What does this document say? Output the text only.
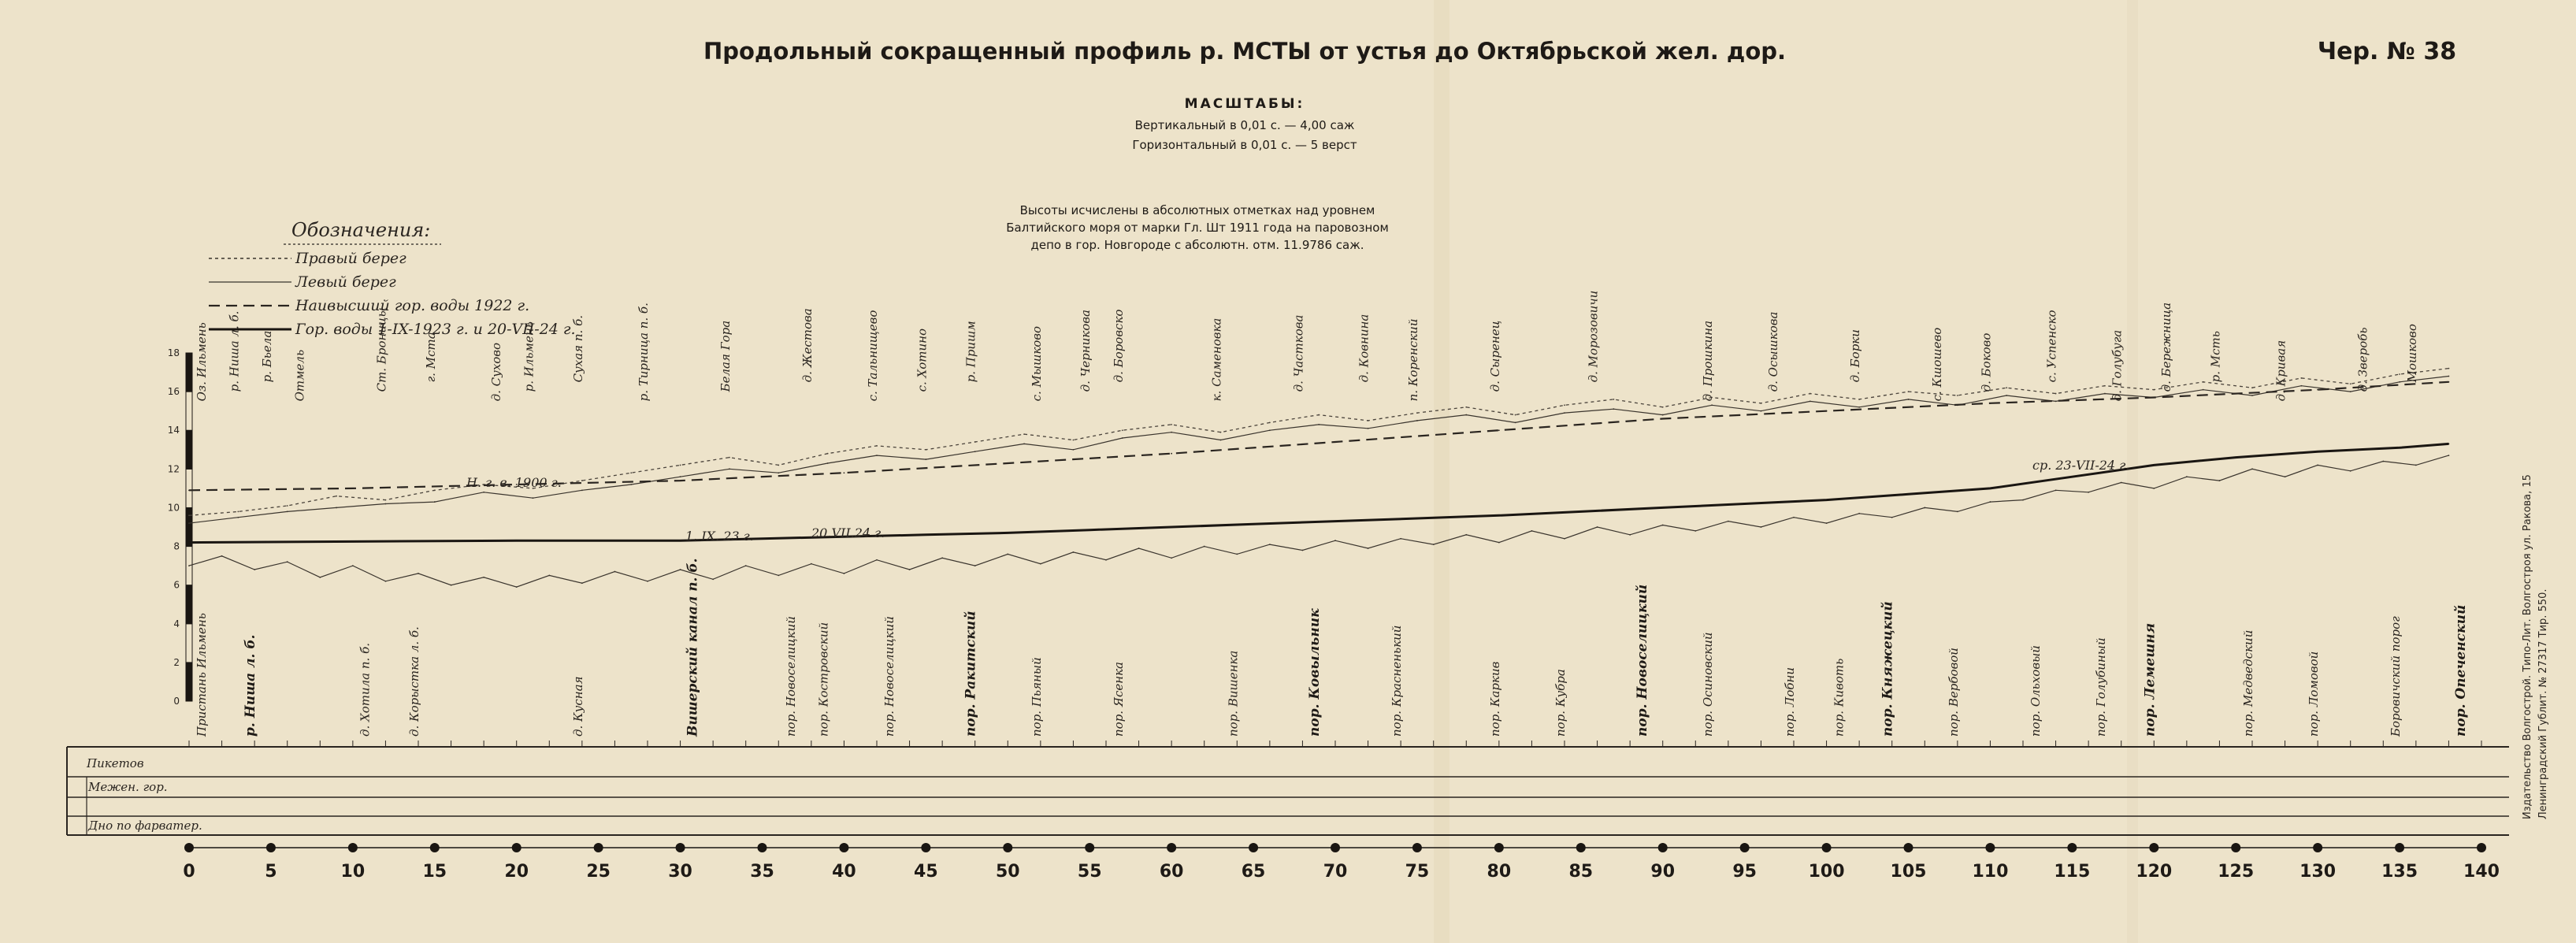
Продольный сокращенный профиль р. МСТЫ от устья до Октябрьской жел. дор.	Чер. № 38
МАСШТАБЫ:
Вертикальный в 0,01 с. — 4,00 саж
Горизонтальный в 0,01 с. — 5 верст
Высоты исчислены в абсолютных отметках над уровнем
Балтийского моря от марки Гл. Шт 1911 года на паровозном
депо в гор. Новгороде с абсолютн. отм. 11.9786 саж.
Обозначения:
Правый берег
Левый берег
Наивысший гор. воды 1922 г.
Гор. воды 1-IX-1923 г. и 20-VII-24 г.
0
2
4
6
8
10
12
14
16
18 Оз. Ильмень р. Ниша л. б. р. Бьела Отмель	Ст. Броницы	г. Мста	д. Сухово р. Ильмень	Сухая п. б.	р. Тирница п. б.	Белая Гора	д. Жестова	с. Тальнищево	с. Хотино	р. Пришм	с. Мышково	д. Черникова д. Боровско	к. Саменовка	д. Часткова	д. Ковнина	п. Коренский	д. Сыренец	д. Морозовичи	д. Прошкина	д. Осышкова	д. Борки	с. Кшошево	д. Боково	с. Успенско	д. Голубуга	д. Бережница	р. Мсть	д. Кривая	д. Зверобь	Мошково
Пристань Ильмень	р. Ниша л. б.	д. Хотила п. б.	д. Корыстка л. б.	д. Кусная	Вишерский канал п. б.	пор. Новоселицкий пор. Костровский	пор. Новоселицкий	пор. Ракитский	пор. Пьяный	пор. Ясенка	пор. Вишенка	пор. Ковыльник	пор. Красненький	пор. Каркив	пор. Кубра	пор. Новоселицкий	пор. Осиновский	пор. Лобни	пор. Кивоть	пор. Княжецкий	пор. Вербовой	пор. Ольховый	пор. Голубиный	пор. Лемешня	пор. Медведский	пор. Ломовой	Боровичский порог	пор. Опеченский
Н. г. в. 1900 г.
1. IX. 23 г.	20.VII.24 г.
ср. 23-VII-24 г.
Пикетов
Межен. гор.
Дно по фарватер.
0	5	10	15	20	25	30	35	40	45	50	55	60	65	70	75	80	85	90	95	100	105	110	115	120	125	130	135	140
Издательство Волгострой. Типо-Лит. Волгостроя ул. Ракова, 15 Ленинградский Гублит. № 27317 Тир. 550.
